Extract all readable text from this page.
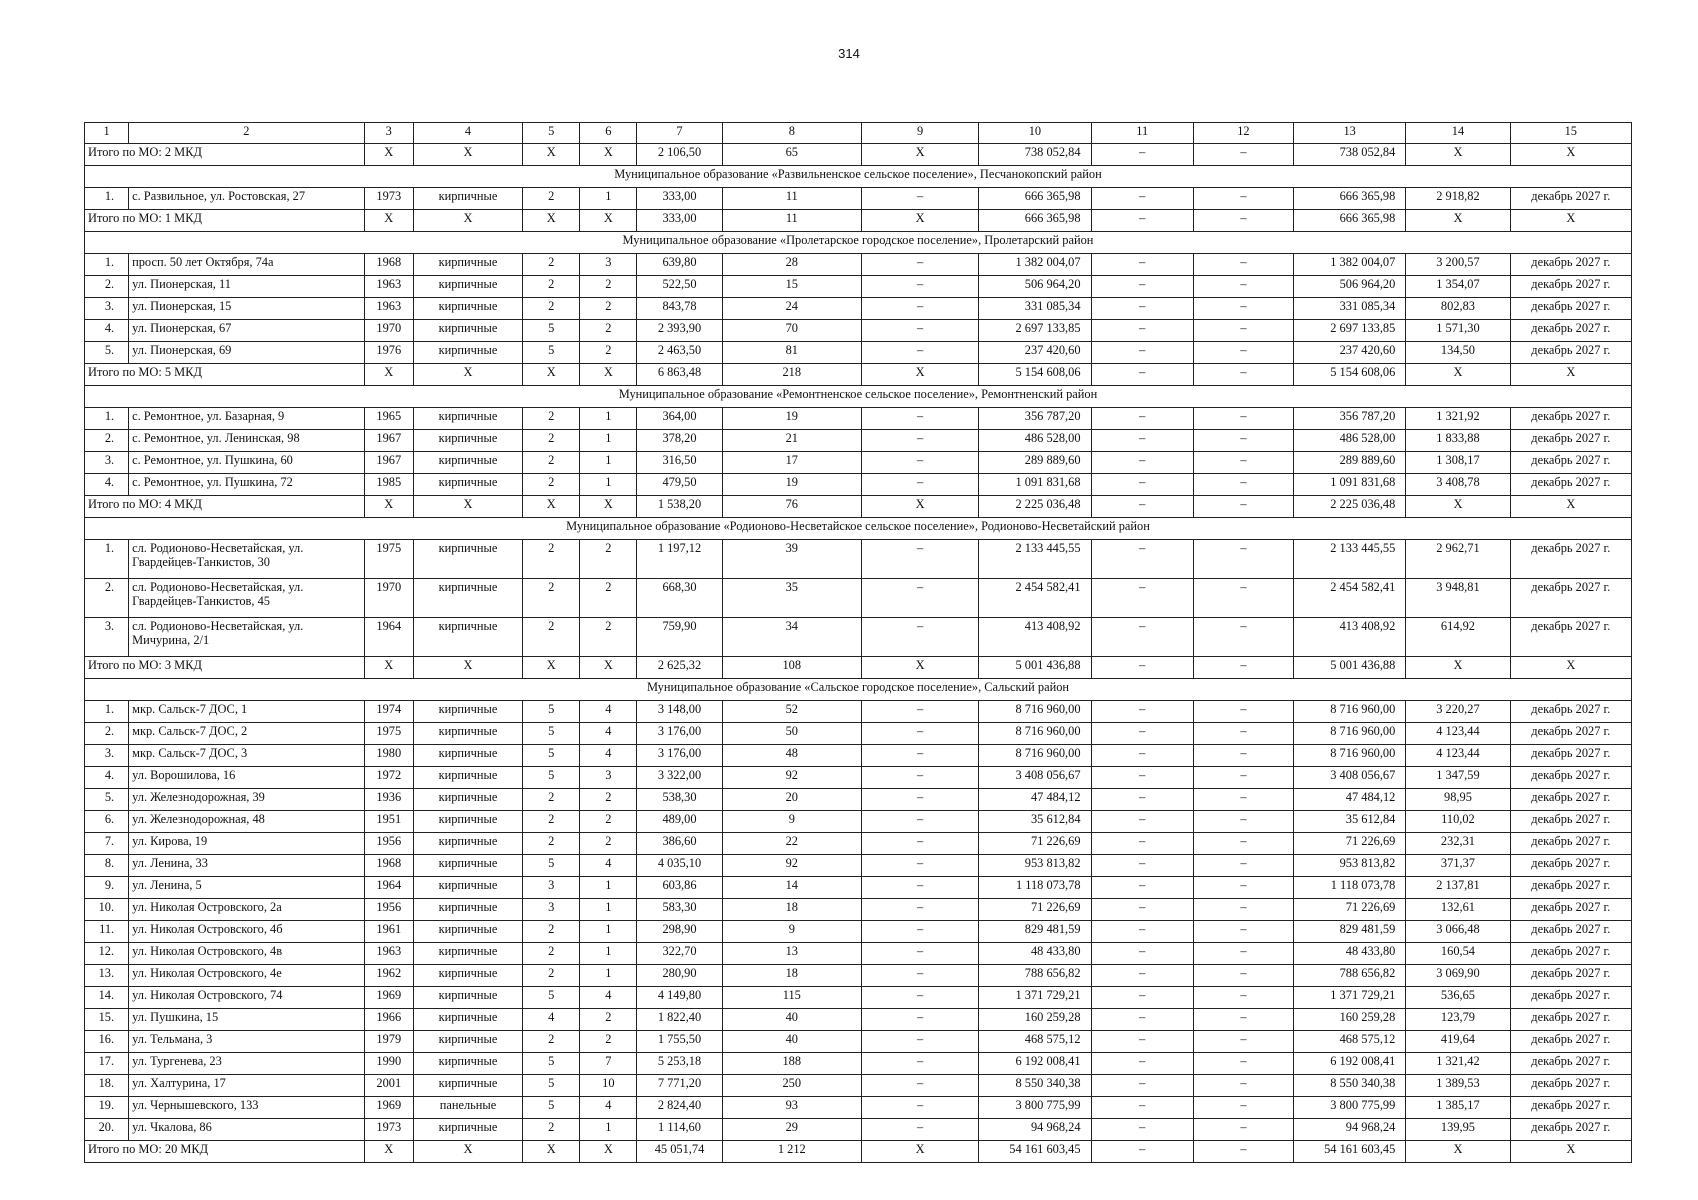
314
1	2	3	4	5	6	7	8	9	10	11	12	13	14	15
Итого по МО: 2 МКД		X	X	X	X	2 106,50	65	X	738 052,84	–	–	738 052,84	X	X
Муниципальное образование «Развильненское сельское поселение», Песчанокопский район														
1.	с. Развильное, ул. Ростовская, 27	1973	кирпичные	2	1	333,00	11	–	666 365,98	–	–	666 365,98	2 918,82	декабрь 2027 г.
Итого по МО: 1 МКД		X	X	X	X	333,00	11	X	666 365,98	–	–	666 365,98	X	X
Муниципальное образование «Пролетарское городское поселение», Пролетарский район														
1.	просп. 50 лет Октября, 74а	1968	кирпичные	2	3	639,80	28	–	1 382 004,07	–	–	1 382 004,07	3 200,57	декабрь 2027 г.
2.	ул. Пионерская, 11	1963	кирпичные	2	2	522,50	15	–	506 964,20	–	–	506 964,20	1 354,07	декабрь 2027 г.
3.	ул. Пионерская, 15	1963	кирпичные	2	2	843,78	24	–	331 085,34	–	–	331 085,34	802,83	декабрь 2027 г.
4.	ул. Пионерская, 67	1970	кирпичные	5	2	2 393,90	70	–	2 697 133,85	–	–	2 697 133,85	1 571,30	декабрь 2027 г.
5.	ул. Пионерская, 69	1976	кирпичные	5	2	2 463,50	81	–	237 420,60	–	–	237 420,60	134,50	декабрь 2027 г.
Итого по МО: 5 МКД		X	X	X	X	6 863,48	218	X	5 154 608,06	–	–	5 154 608,06	X	X
Муниципальное образование «Ремонтненское сельское поселение», Ремонтненский район														
1.	с. Ремонтное, ул. Базарная, 9	1965	кирпичные	2	1	364,00	19	–	356 787,20	–	–	356 787,20	1 321,92	декабрь 2027 г.
2.	с. Ремонтное, ул. Ленинская, 98	1967	кирпичные	2	1	378,20	21	–	486 528,00	–	–	486 528,00	1 833,88	декабрь 2027 г.
3.	с. Ремонтное, ул. Пушкина, 60	1967	кирпичные	2	1	316,50	17	–	289 889,60	–	–	289 889,60	1 308,17	декабрь 2027 г.
4.	с. Ремонтное, ул. Пушкина, 72	1985	кирпичные	2	1	479,50	19	–	1 091 831,68	–	–	1 091 831,68	3 408,78	декабрь 2027 г.
Итого по МО: 4 МКД		X	X	X	X	1 538,20	76	X	2 225 036,48	–	–	2 225 036,48	X	X
Муниципальное образование «Родионово-Несветайское сельское поселение», Родионово-Несветайский район														
1.	сл. Родионово-Несветайская, ул. Гвардейцев-Танкистов, 30	1975	кирпичные	2	2	1 197,12	39	–	2 133 445,55	–	–	2 133 445,55	2 962,71	декабрь 2027 г.
2.	сл. Родионово-Несветайская, ул. Гвардейцев-Танкистов, 45	1970	кирпичные	2	2	668,30	35	–	2 454 582,41	–	–	2 454 582,41	3 948,81	декабрь 2027 г.
3.	сл. Родионово-Несветайская, ул. Мичурина, 2/1	1964	кирпичные	2	2	759,90	34	–	413 408,92	–	–	413 408,92	614,92	декабрь 2027 г.
Итого по МО: 3 МКД		X	X	X	X	2 625,32	108	X	5 001 436,88	–	–	5 001 436,88	X	X
Муниципальное образование «Сальское городское поселение», Сальский район														
1.	мкр. Сальск-7 ДОС, 1	1974	кирпичные	5	4	3 148,00	52	–	8 716 960,00	–	–	8 716 960,00	3 220,27	декабрь 2027 г.
2.	мкр. Сальск-7 ДОС, 2	1975	кирпичные	5	4	3 176,00	50	–	8 716 960,00	–	–	8 716 960,00	4 123,44	декабрь 2027 г.
3.	мкр. Сальск-7 ДОС, 3	1980	кирпичные	5	4	3 176,00	48	–	8 716 960,00	–	–	8 716 960,00	4 123,44	декабрь 2027 г.
4.	ул. Ворошилова, 16	1972	кирпичные	5	3	3 322,00	92	–	3 408 056,67	–	–	3 408 056,67	1 347,59	декабрь 2027 г.
5.	ул. Железнодорожная, 39	1936	кирпичные	2	2	538,30	20	–	47 484,12	–	–	47 484,12	98,95	декабрь 2027 г.
6.	ул. Железнодорожная, 48	1951	кирпичные	2	2	489,00	9	–	35 612,84	–	–	35 612,84	110,02	декабрь 2027 г.
7.	ул. Кирова, 19	1956	кирпичные	2	2	386,60	22	–	71 226,69	–	–	71 226,69	232,31	декабрь 2027 г.
8.	ул. Ленина, 33	1968	кирпичные	5	4	4 035,10	92	–	953 813,82	–	–	953 813,82	371,37	декабрь 2027 г.
9.	ул. Ленина, 5	1964	кирпичные	3	1	603,86	14	–	1 118 073,78	–	–	1 118 073,78	2 137,81	декабрь 2027 г.
10.	ул. Николая Островского, 2а	1956	кирпичные	3	1	583,30	18	–	71 226,69	–	–	71 226,69	132,61	декабрь 2027 г.
11.	ул. Николая Островского, 4б	1961	кирпичные	2	1	298,90	9	–	829 481,59	–	–	829 481,59	3 066,48	декабрь 2027 г.
12.	ул. Николая Островского, 4в	1963	кирпичные	2	1	322,70	13	–	48 433,80	–	–	48 433,80	160,54	декабрь 2027 г.
13.	ул. Николая Островского, 4е	1962	кирпичные	2	1	280,90	18	–	788 656,82	–	–	788 656,82	3 069,90	декабрь 2027 г.
14.	ул. Николая Островского, 74	1969	кирпичные	5	4	4 149,80	115	–	1 371 729,21	–	–	1 371 729,21	536,65	декабрь 2027 г.
15.	ул. Пушкина, 15	1966	кирпичные	4	2	1 822,40	40	–	160 259,28	–	–	160 259,28	123,79	декабрь 2027 г.
16.	ул. Тельмана, 3	1979	кирпичные	2	2	1 755,50	40	–	468 575,12	–	–	468 575,12	419,64	декабрь 2027 г.
17.	ул. Тургенева, 23	1990	кирпичные	5	7	5 253,18	188	–	6 192 008,41	–	–	6 192 008,41	1 321,42	декабрь 2027 г.
18.	ул. Халтурина, 17	2001	кирпичные	5	10	7 771,20	250	–	8 550 340,38	–	–	8 550 340,38	1 389,53	декабрь 2027 г.
19.	ул. Чернышевского, 133	1969	панельные	5	4	2 824,40	93	–	3 800 775,99	–	–	3 800 775,99	1 385,17	декабрь 2027 г.
20.	ул. Чкалова, 86	1973	кирпичные	2	1	1 114,60	29	–	94 968,24	–	–	94 968,24	139,95	декабрь 2027 г.
Итого по МО: 20 МКД		X	X	X	X	45 051,74	1 212	X	54 161 603,45	–	–	54 161 603,45	X	X
